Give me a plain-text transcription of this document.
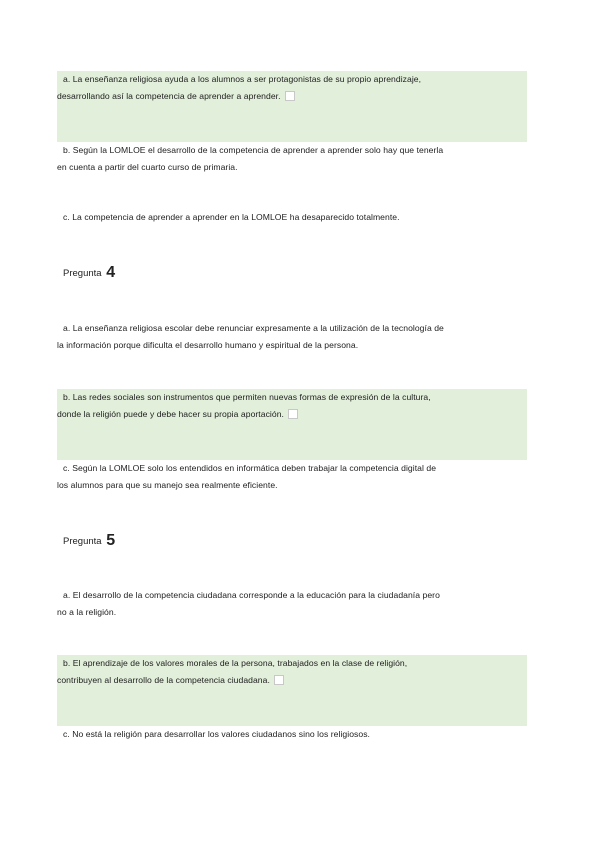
a. La enseñanza religiosa ayuda a los alumnos a ser protagonistas de su propio aprendizaje,
desarrollando así la competencia de aprender a aprender.
b. Según la LOMLOE el desarrollo de la competencia de aprender a aprender solo hay que tenerla
en cuenta a partir del cuarto curso de primaria.
c. La competencia de aprender a aprender en la LOMLOE ha desaparecido totalmente.
Pregunta 4
a. La enseñanza religiosa escolar debe renunciar expresamente a la utilización de la tecnología de
la información porque dificulta el desarrollo humano y espiritual de la persona.
b. Las redes sociales son instrumentos que permiten nuevas formas de expresión de la cultura,
donde la religión puede y debe hacer su propia aportación.
c. Según la LOMLOE solo los entendidos en informática deben trabajar la competencia digital de
los alumnos para que su manejo sea realmente eficiente.
Pregunta 5
a. El desarrollo de la competencia ciudadana corresponde a la educación para la ciudadanía pero
no a la religión.
b. El aprendizaje de los valores morales de la persona, trabajados en la clase de religión,
contribuyen al desarrollo de la competencia ciudadana.
c. No está la religión para desarrollar los valores ciudadanos sino los religiosos.
